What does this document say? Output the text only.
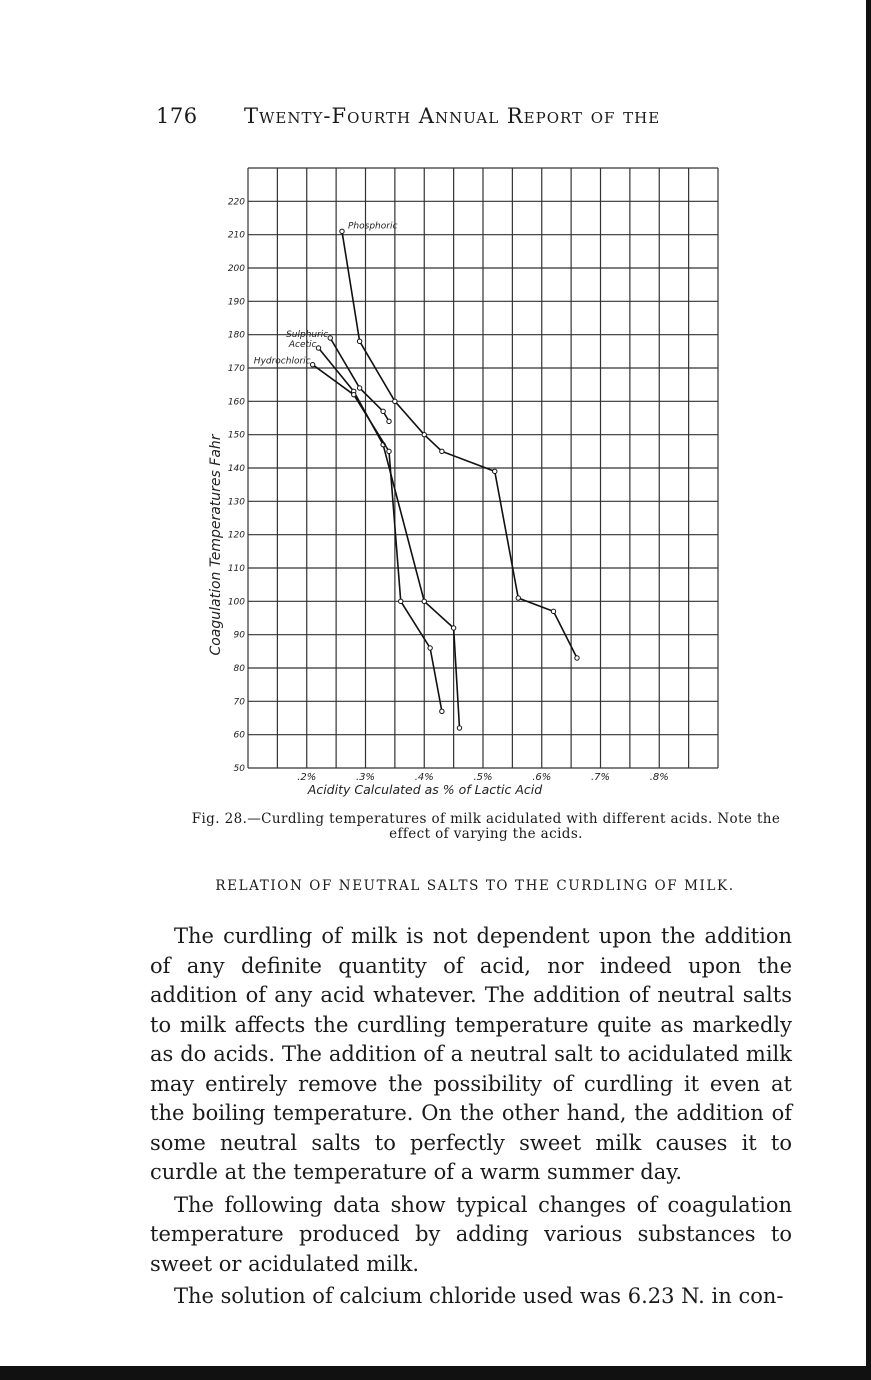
176 Twenty-Fourth Annual Report of the
50
60
70
80
90
100
110
120
130
140
150
160
170
180
190
200
210
220
.2%	.3%	.4%	.5%	.6%	.7%	.8%
Phosphoric
Sulphuric
Acetic
Hydrochloric
Coagulation Temperatures Fahr
Acidity Calculated as % of Lactic Acid
Fig. 28.—Curdling temperatures of milk acidulated with different acids. Note the effect of varying the acids.
RELATION OF NEUTRAL SALTS TO THE CURDLING OF MILK.

The curdling of milk is not dependent upon the addition of any definite quantity of acid, nor indeed upon the addition of any acid whatever. The addition of neutral salts to milk affects the curdling temperature quite as markedly as do acids. The addition of a neutral salt to acidulated milk may entirely remove the possibility of curdling it even at the boiling temperature. On the other hand, the addition of some neutral salts to perfectly sweet milk causes it to curdle at the temperature of a warm summer day.

The following data show typical changes of coagulation temperature produced by adding various substances to sweet or acidulated milk.

The solution of calcium chloride used was 6.23 N. in con-
